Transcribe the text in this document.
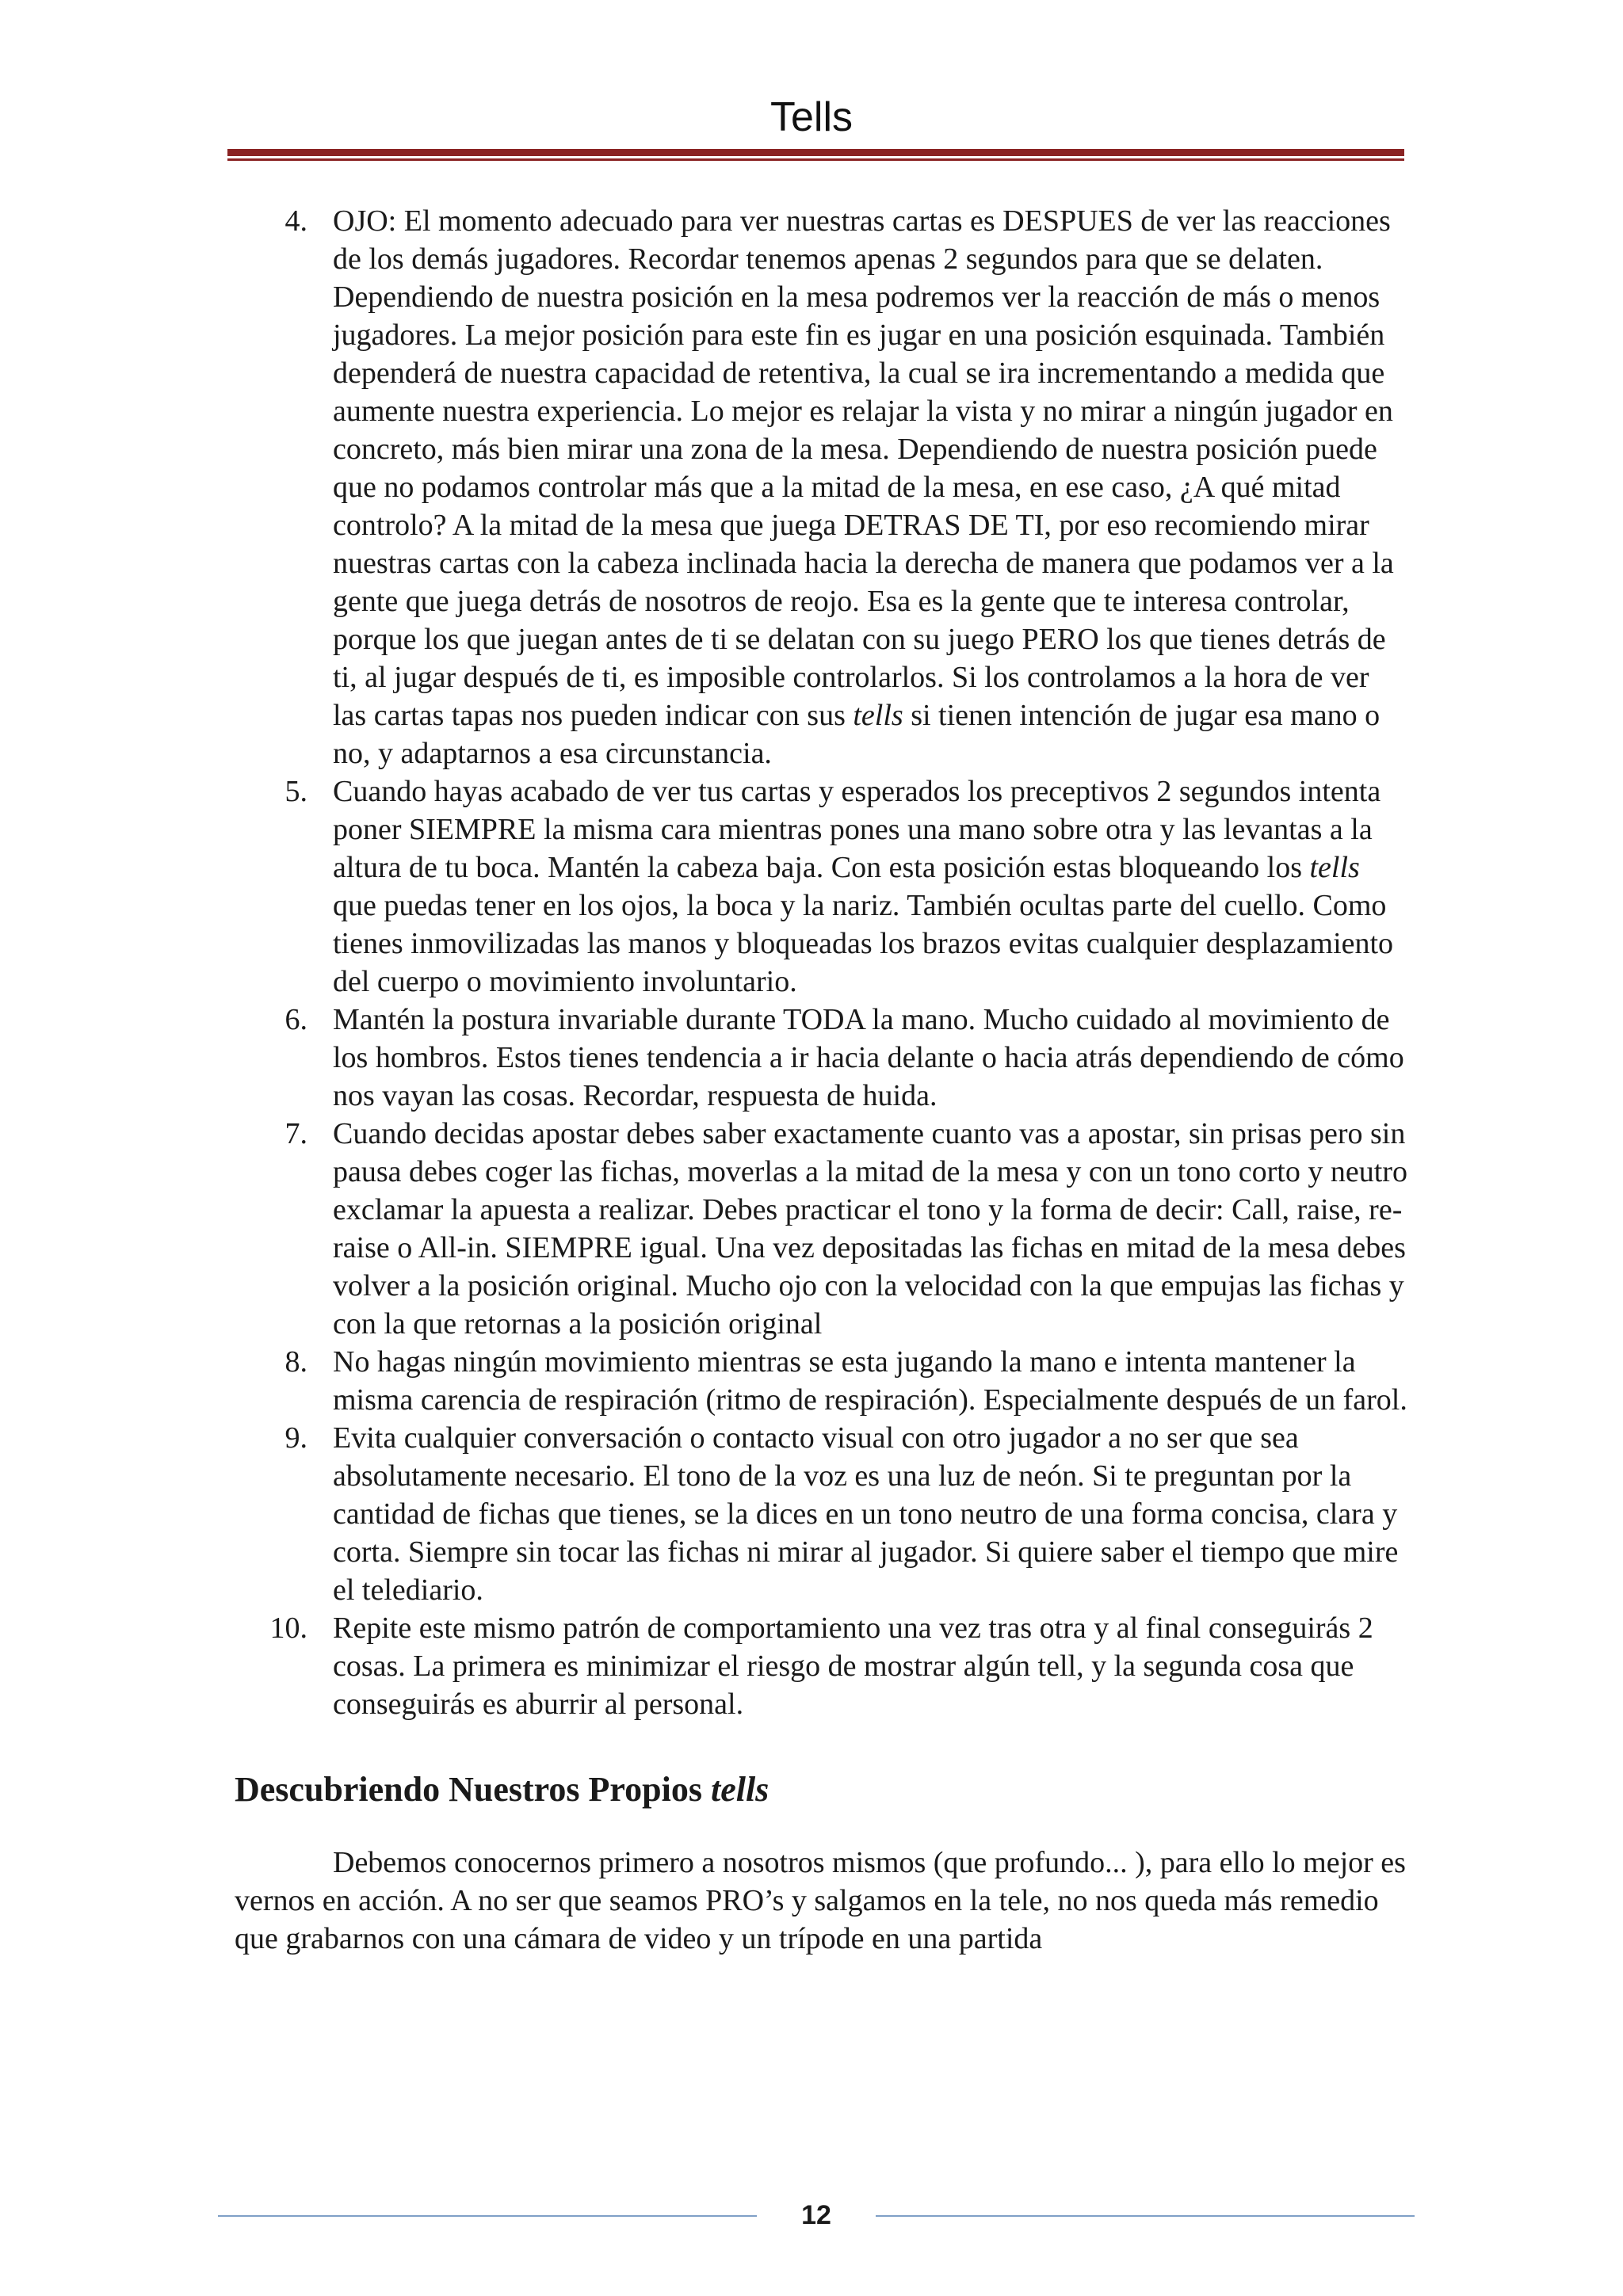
Tells
4. OJO: El momento adecuado para ver nuestras cartas es DESPUES de ver las reacciones de los demás jugadores. Recordar tenemos apenas 2 segundos para que se delaten. Dependiendo de nuestra posición en la mesa podremos ver la reacción de más o menos jugadores. La mejor posición para este fin es jugar en una posición esquinada. También dependerá de nuestra capacidad de retentiva, la cual se ira incrementando a medida que aumente nuestra experiencia. Lo mejor es relajar la vista y no mirar a ningún jugador en concreto, más bien mirar una zona de la mesa. Dependiendo de nuestra posición puede que no podamos controlar más que a la mitad de la mesa, en ese caso, ¿A qué mitad controlo? A la mitad de la mesa que juega DETRAS DE TI, por eso recomiendo mirar nuestras cartas con la cabeza inclinada hacia la derecha de manera que podamos ver a la gente que juega detrás de nosotros de reojo. Esa es la gente que te interesa controlar, porque los que juegan antes de ti se delatan con su juego PERO los que tienes detrás de ti, al jugar después de ti, es imposible controlarlos. Si los controlamos a la hora de ver las cartas tapas nos pueden indicar con sus tells si tienen intención de jugar esa mano o no, y adaptarnos a esa circunstancia.
5. Cuando hayas acabado de ver tus cartas y esperados los preceptivos 2 segundos intenta poner SIEMPRE la misma cara mientras pones una mano sobre otra y las levantas a la altura de tu boca. Mantén la cabeza baja. Con esta posición estas bloqueando los tells que puedas tener en los ojos, la boca y la nariz. También ocultas parte del cuello. Como tienes inmovilizadas las manos y bloqueadas los brazos evitas cualquier desplazamiento del cuerpo o movimiento involuntario.
6. Mantén la postura invariable durante TODA la mano. Mucho cuidado al movimiento de los hombros. Estos tienes tendencia a ir hacia delante o hacia atrás dependiendo de cómo nos vayan las cosas. Recordar, respuesta de huida.
7. Cuando decidas apostar debes saber exactamente cuanto vas a apostar, sin prisas pero sin pausa debes coger las fichas, moverlas a la mitad de la mesa y con un tono corto y neutro exclamar la apuesta a realizar. Debes practicar el tono y la forma de decir: Call, raise, re-raise o All-in. SIEMPRE igual. Una vez depositadas las fichas en mitad de la mesa debes volver a la posición original. Mucho ojo con la velocidad con la que empujas las fichas y con la que retornas a la posición original
8. No hagas ningún movimiento mientras se esta jugando la mano e intenta mantener la misma carencia de respiración (ritmo de respiración). Especialmente después de un farol.
9. Evita cualquier conversación o contacto visual con otro jugador a no ser que sea absolutamente necesario. El tono de la voz es una luz de neón. Si te preguntan por la cantidad de fichas que tienes, se la dices en un tono neutro de una forma concisa, clara y corta. Siempre sin tocar las fichas ni mirar al jugador. Si quiere saber el tiempo que mire el telediario.
10. Repite este mismo patrón de comportamiento una vez tras otra y al final conseguirás 2 cosas. La primera es minimizar el riesgo de mostrar algún tell, y la segunda cosa que conseguirás es aburrir al personal.
Descubriendo Nuestros Propios tells

Debemos conocernos primero a nosotros mismos (que profundo... ), para ello lo mejor es vernos en acción. A no ser que seamos PRO’s y salgamos en la tele, no nos queda más remedio que grabarnos con una cámara de video y un trípode en una partida

12
